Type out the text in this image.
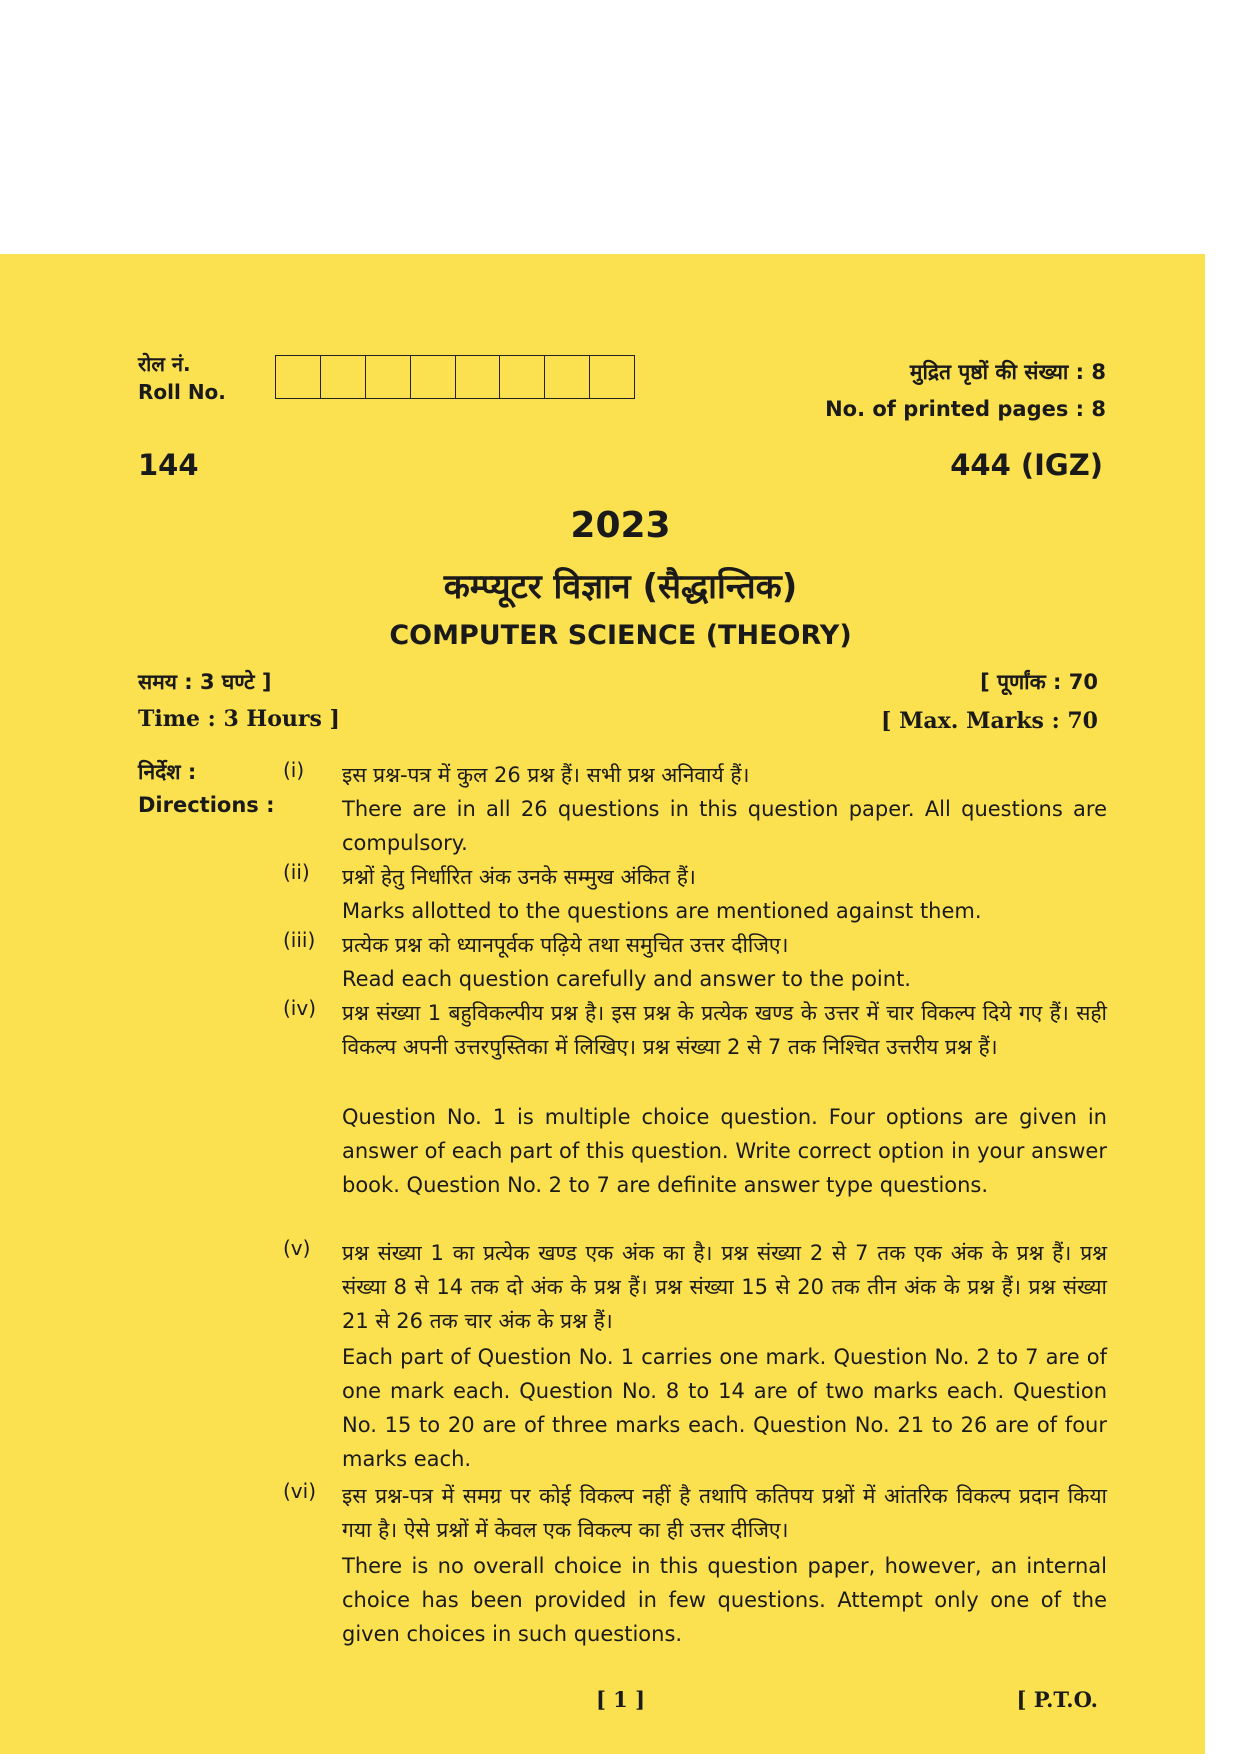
रोल नं.
Roll No.
मुद्रित पृष्ठों की संख्या : 8
No. of printed pages : 8
144	444 (IGZ)
2023
कम्प्यूटर विज्ञान (सैद्धान्तिक)
COMPUTER SCIENCE (THEORY)
समय : 3 घण्टे ]
Time : 3 Hours ]
[ पूर्णांक : 70
[ Max. Marks : 70
निर्देश :
Directions :
(i)	इस प्रश्न-पत्र में कुल 26 प्रश्न हैं। सभी प्रश्न अनिवार्य हैं।
There are in all 26 questions in this question paper. All questions are compulsory.
(ii)	प्रश्नों हेतु निर्धारित अंक उनके सम्मुख अंकित हैं।
Marks allotted to the questions are mentioned against them.
(iii)	प्रत्येक प्रश्न को ध्यानपूर्वक पढ़िये तथा समुचित उत्तर दीजिए।
Read each question carefully and answer to the point.
(iv)	प्रश्न संख्या 1 बहुविकल्पीय प्रश्न है। इस प्रश्न के प्रत्येक खण्ड के उत्तर में चार विकल्प दिये गए हैं। सही विकल्प अपनी उत्तरपुस्तिका में लिखिए। प्रश्न संख्या 2 से 7 तक निश्चित उत्तरीय प्रश्न हैं।
Question No. 1 is multiple choice question. Four options are given in answer of each part of this question. Write correct option in your answer book. Question No. 2 to 7 are definite answer type questions.
(v)	प्रश्न संख्या 1 का प्रत्येक खण्ड एक अंक का है। प्रश्न संख्या 2 से 7 तक एक अंक के प्रश्न हैं। प्रश्न संख्या 8 से 14 तक दो अंक के प्रश्न हैं। प्रश्न संख्या 15 से 20 तक तीन अंक के प्रश्न हैं। प्रश्न संख्या 21 से 26 तक चार अंक के प्रश्न हैं।
Each part of Question No. 1 carries one mark. Question No. 2 to 7 are of one mark each. Question No. 8 to 14 are of two marks each. Question No. 15 to 20 are of three marks each. Question No. 21 to 26 are of four marks each.
(vi)	इस प्रश्न-पत्र में समग्र पर कोई विकल्प नहीं है तथापि कतिपय प्रश्नों में आंतरिक विकल्प प्रदान किया गया है। ऐसे प्रश्नों में केवल एक विकल्प का ही उत्तर दीजिए।
There is no overall choice in this question paper, however, an internal choice has been provided in few questions. Attempt only one of the given choices in such questions.
[ 1 ]	[ P.T.O.
